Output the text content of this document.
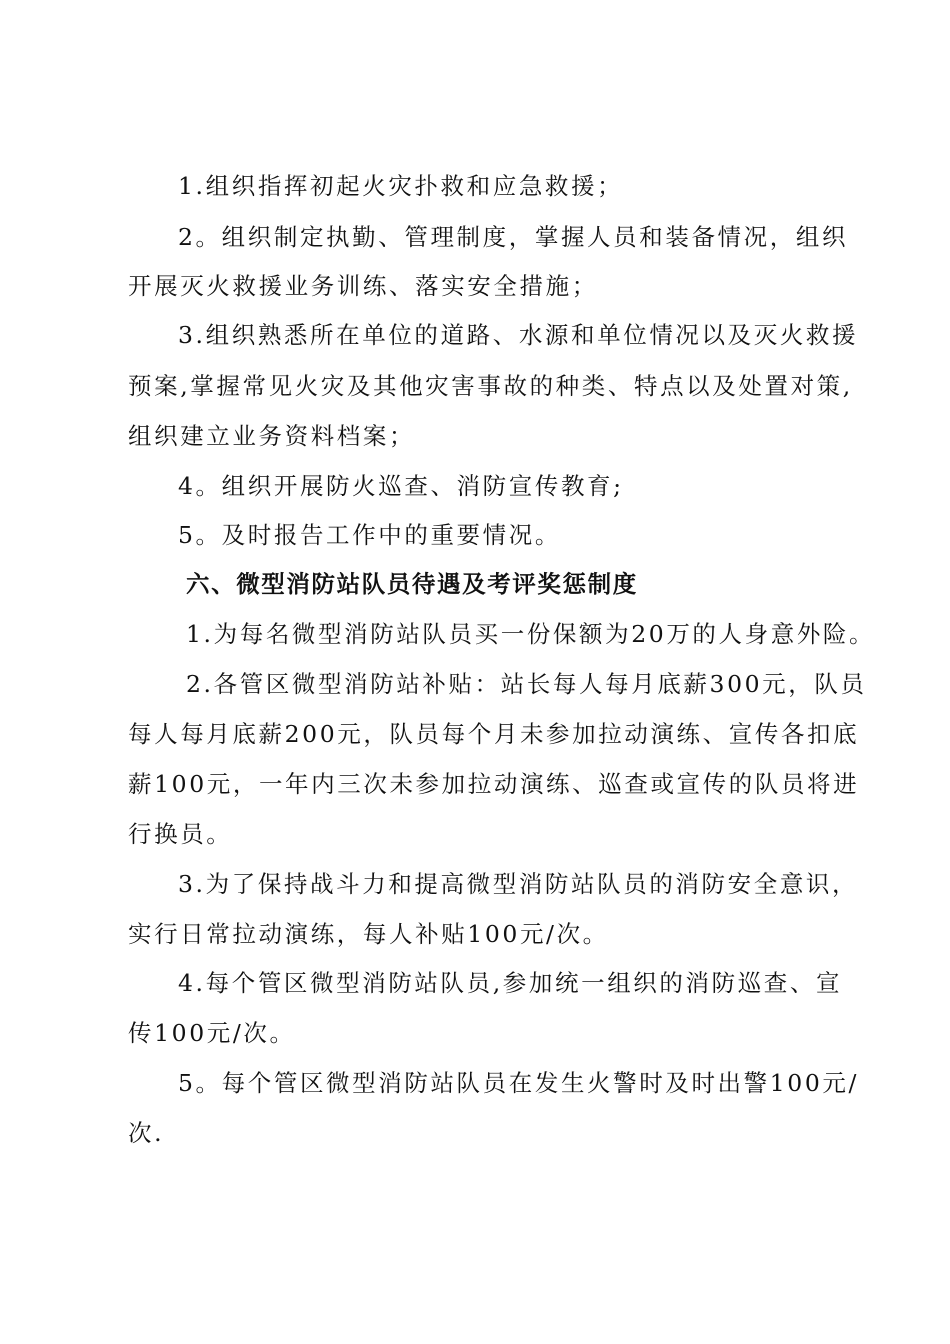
1.组织指挥初起火灾扑救和应急救援；
2。组织制定执勤、管理制度，掌握人员和装备情况，组织
开展灭火救援业务训练、落实安全措施；
3.组织熟悉所在单位的道路、水源和单位情况以及灭火救援
预案,掌握常见火灾及其他灾害事故的种类、特点以及处置对策,
组织建立业务资料档案；
4。组织开展防火巡查、消防宣传教育;
5。及时报告工作中的重要情况。
六、微型消防站队员待遇及考评奖惩制度
1.为每名微型消防站队员买一份保额为20万的人身意外险。
2.各管区微型消防站补贴：站长每人每月底薪300元，队员
每人每月底薪200元，队员每个月未参加拉动演练、宣传各扣底
薪100元，一年内三次未参加拉动演练、巡查或宣传的队员将进
行换员。
3.为了保持战斗力和提高微型消防站队员的消防安全意识，
实行日常拉动演练，每人补贴100元/次。
4.每个管区微型消防站队员,参加统一组织的消防巡查、宣
传100元/次。
5。每个管区微型消防站队员在发生火警时及时出警100元/
次.
